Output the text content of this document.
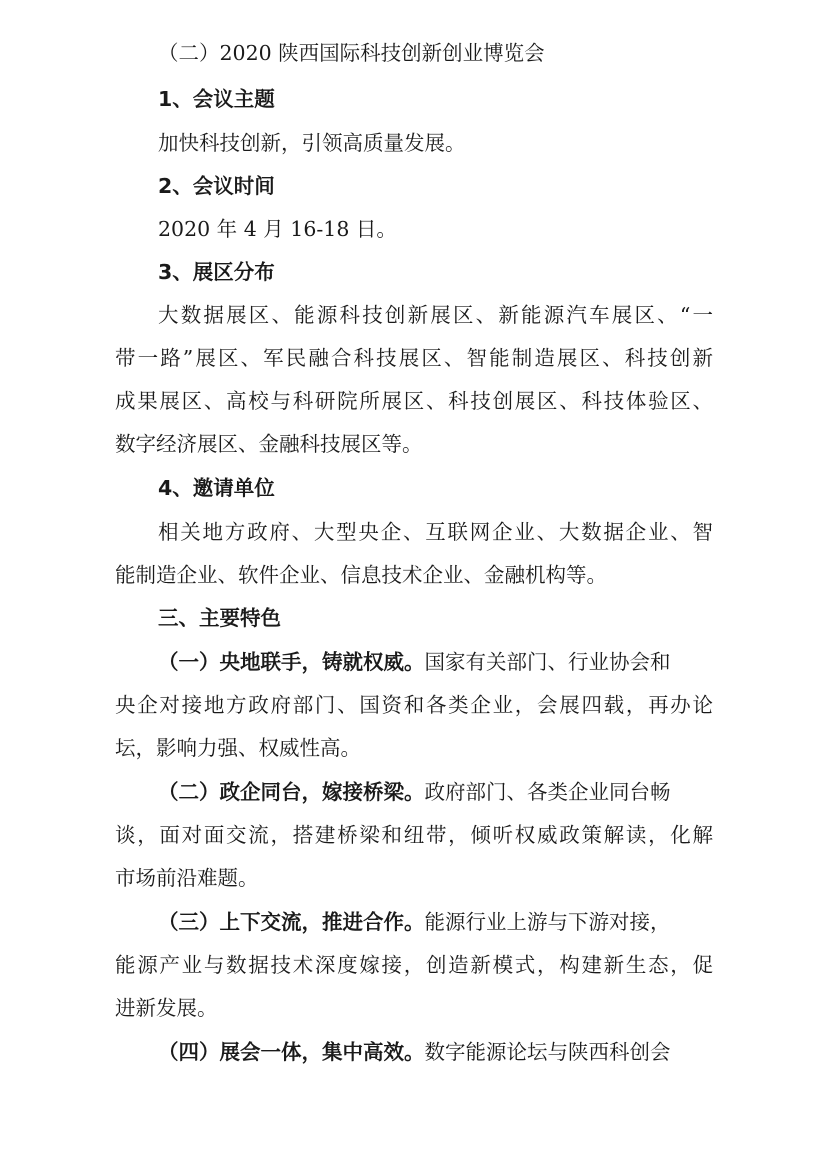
（二）2020 陕西国际科技创新创业博览会
1、会议主题
加快科技创新，引领高质量发展。
2、会议时间
2020 年 4 月 16-18 日。
3、展区分布
大数据展区、能源科技创新展区、新能源汽车展区、“一
带一路”展区、军民融合科技展区、智能制造展区、科技创新
成果展区、高校与科研院所展区、科技创展区、科技体验区、
数字经济展区、金融科技展区等。
4、邀请单位
相关地方政府、大型央企、互联网企业、大数据企业、智
能制造企业、软件企业、信息技术企业、金融机构等。
三、主要特色
（一）央地联手，铸就权威。国家有关部门、行业协会和
央企对接地方政府部门、国资和各类企业，会展四载，再办论
坛，影响力强、权威性高。
（二）政企同台，嫁接桥梁。政府部门、各类企业同台畅
谈，面对面交流，搭建桥梁和纽带，倾听权威政策解读，化解
市场前沿难题。
（三）上下交流，推进合作。能源行业上游与下游对接，
能源产业与数据技术深度嫁接，创造新模式，构建新生态，促
进新发展。
（四）展会一体，集中高效。数字能源论坛与陕西科创会
